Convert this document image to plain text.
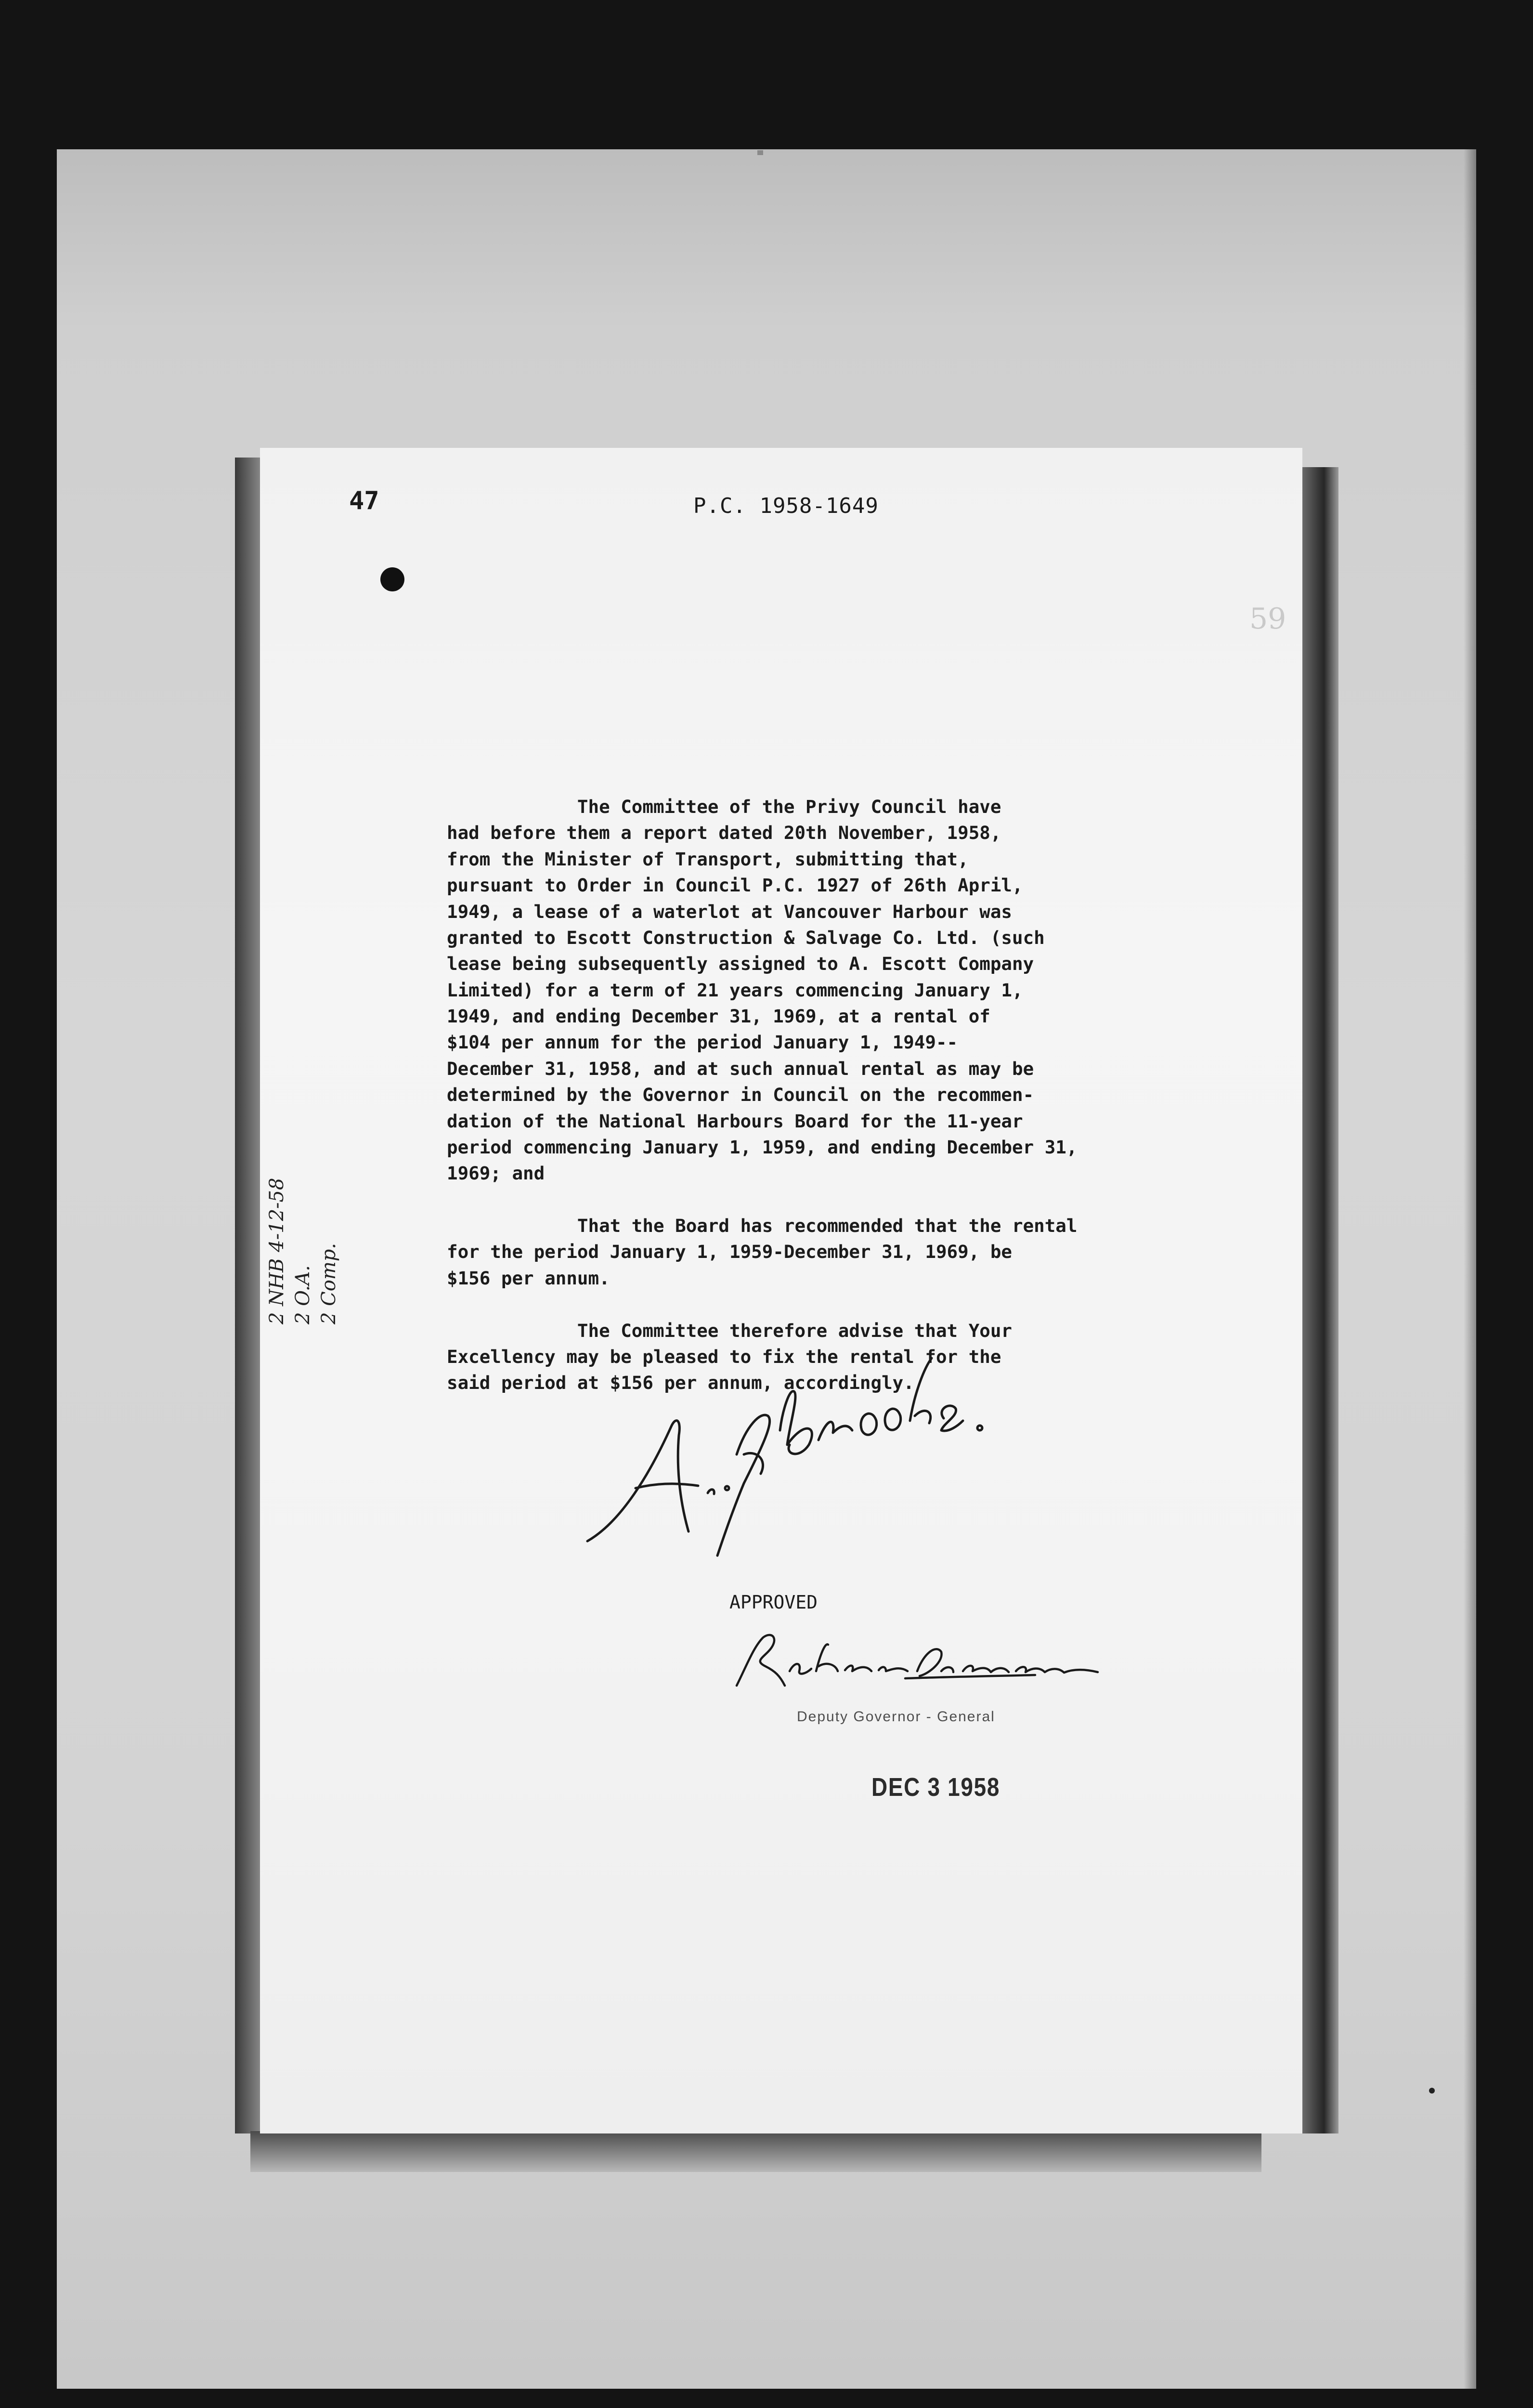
47	P.C. 1958-1649
59
The Committee of the Privy Council have
had before them a report dated 20th November, 1958,
from the Minister of Transport, submitting that,
pursuant to Order in Council P.C. 1927 of 26th April,
1949, a lease of a waterlot at Vancouver Harbour was
granted to Escott Construction & Salvage Co. Ltd. (such
lease being subsequently assigned to A. Escott Company
Limited) for a term of 21 years commencing January 1,
1949, and ending December 31, 1969, at a rental of
$104 per annum for the period January 1, 1949--
December 31, 1958, and at such annual rental as may be
determined by the Governor in Council on the recommen-
dation of the National Harbours Board for the 11-year
period commencing January 1, 1959, and ending December 31,
1969; and

That the Board has recommended that the rental
for the period January 1, 1959-December 31, 1969, be
$156 per annum.

The Committee therefore advise that Your
Excellency may be pleased to fix the rental for the
said period at $156 per annum, accordingly.
2 NHB 4-12-58 2 O.A. 2 Comp.
APPROVED
Deputy Governor - General
DEC 3 1958
